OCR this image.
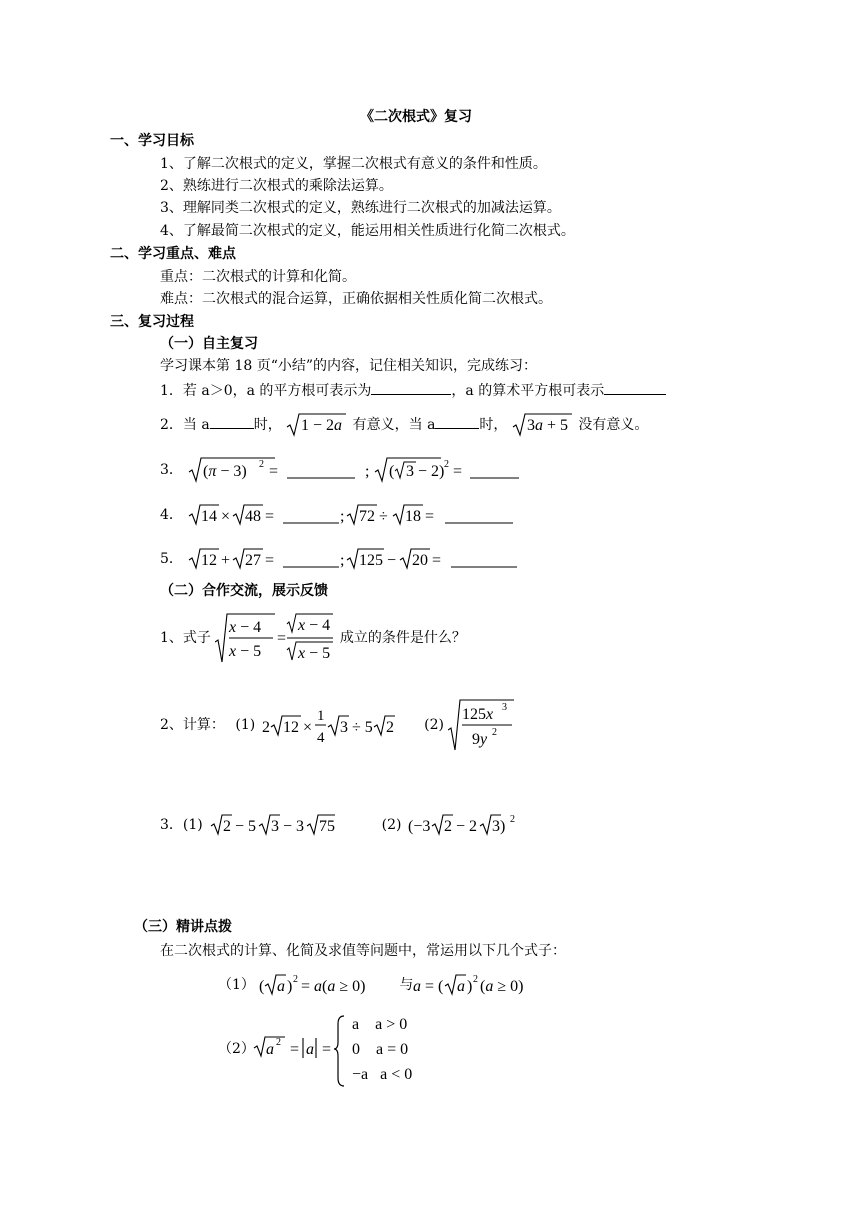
《二次根式》复习
一、学习目标
1、了解二次根式的定义，掌握二次根式有意义的条件和性质。
2、熟练进行二次根式的乘除法运算。
3、理解同类二次根式的定义，熟练进行二次根式的加减法运算。
4、了解最简二次根式的定义，能运用相关性质进行化简二次根式。
二、学习重点、难点
重点：二次根式的计算和化简。
难点：二次根式的混合运算，正确依据相关性质化简二次根式。
三、复习过程
（一）自主复习
学习课本第 18 页“小结”的内容，记住相关知识，完成练习：
1．若 a＞0，a 的平方根可表示为	，a 的算术平方根可表示
2．当 a	时， 1 − 2a 有意义，当 a	时， 3a + 5 没有意义。
3． (π − 3) 2 =	; ( 3 − 2) 2 =
4． 14 × 48 =	; 72 ÷ 18 =
5． 12 + 27 =	; 125 − 20 =
（二）合作交流，展示反馈
1、式子
x − 4
x − 5
=
x − 4
x − 5
成立的条件是什么？
2、计算： (1) 2 12 ×
1
4
3 ÷ 5 2 (2)
125x 3
9y 2
3．(1) 2 − 5 3 − 3 75	(2) (−3 2 − 2 3) 2
（三）精讲点拨
在二次根式的计算、化简及求值等问题中，常运用以下几个式子：
（1） ( a ) 2 = a(a ≥ 0) 与 a = ( a ) 2 (a ≥ 0)
（2） a 2 = a =
a    a > 0
0    a = 0
−a   a < 0
